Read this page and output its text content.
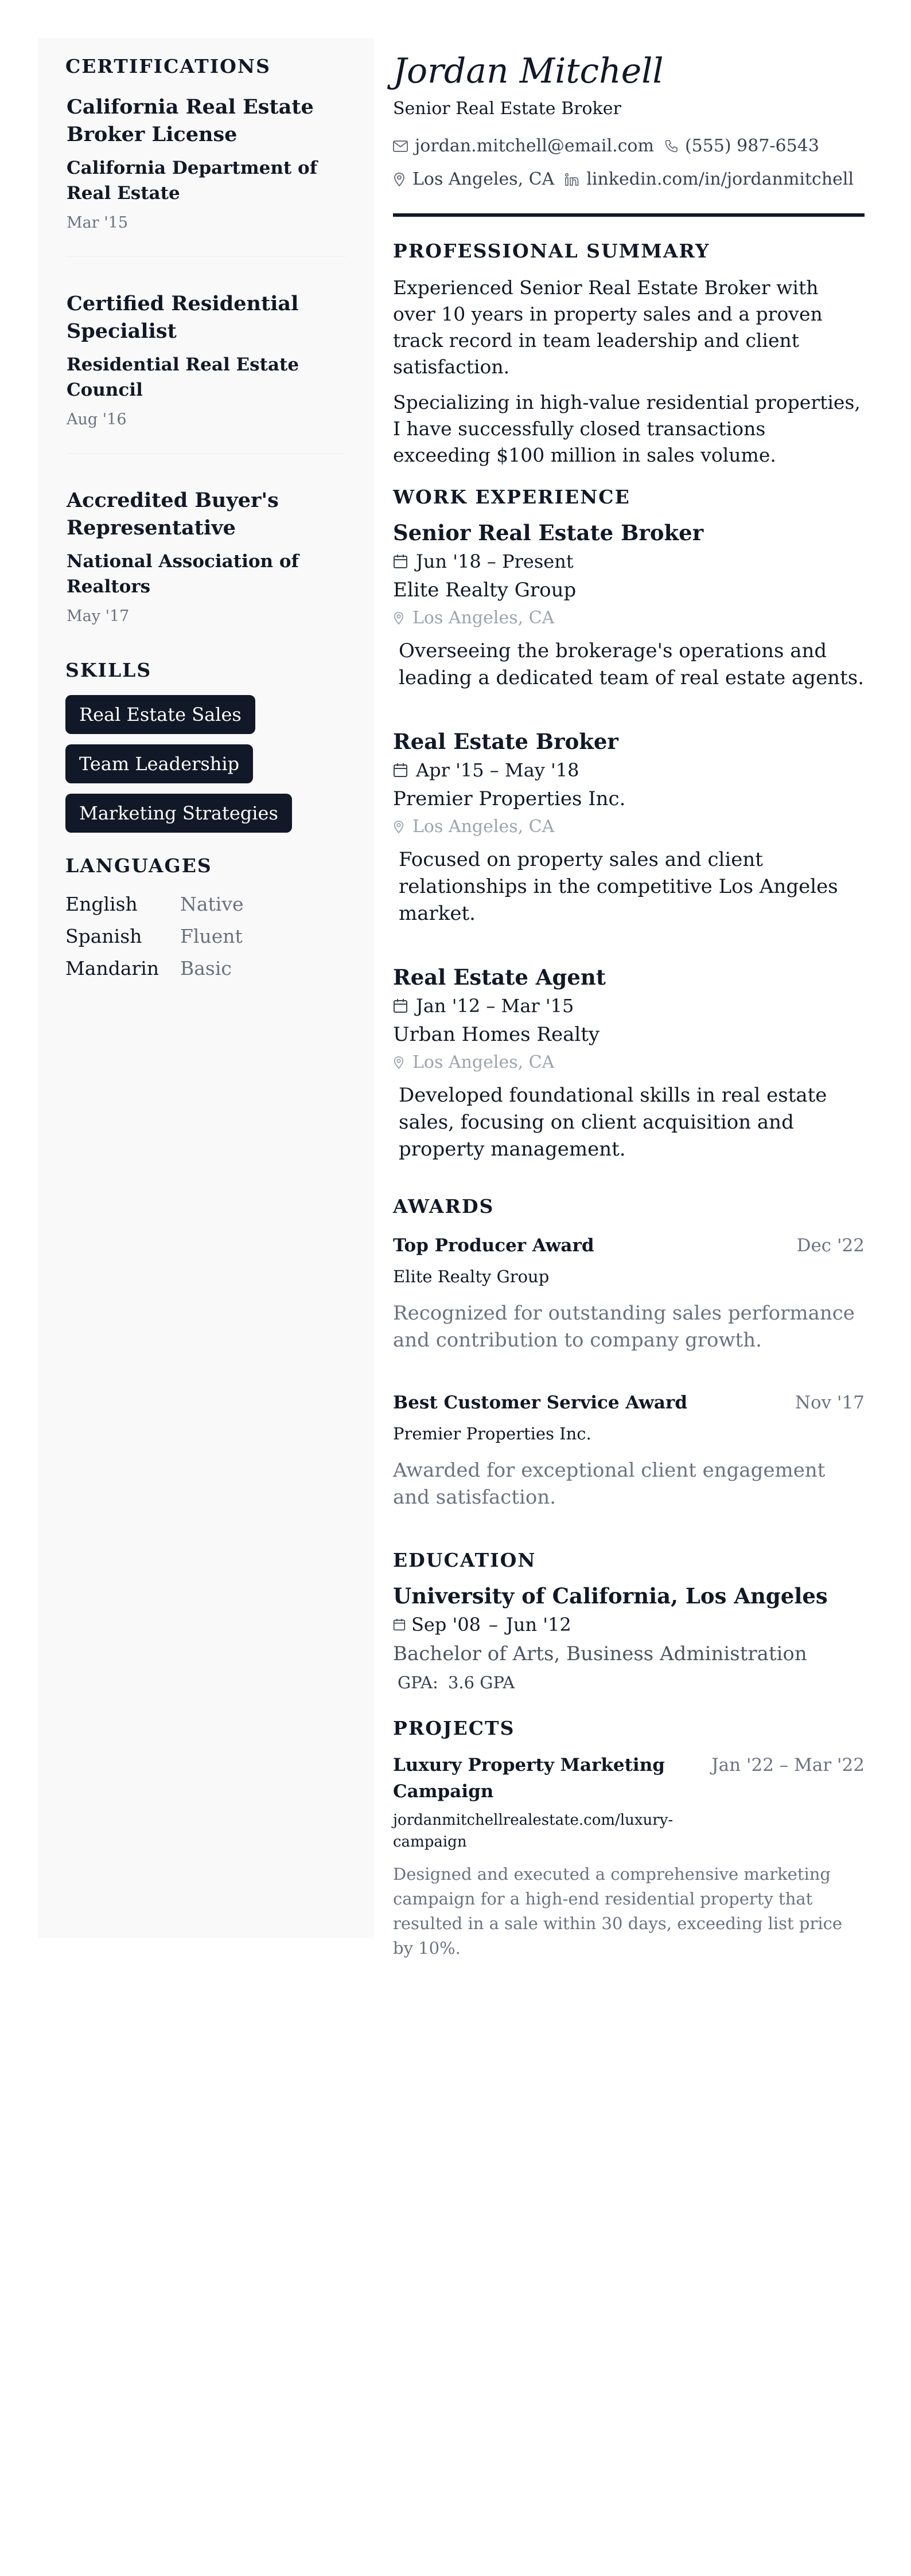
CERTIFICATIONS
California Real Estate Broker License
California Department of Real Estate
Mar '15
Certified Residential Specialist
Residential Real Estate Council
Aug '16
Accredited Buyer's Representative
National Association of Realtors
May '17
SKILLS
Real Estate Sales
Team Leadership
Marketing Strategies
LANGUAGES
English	Native
Spanish	Fluent
Mandarin	Basic
Jordan Mitchell
Senior Real Estate Broker
jordan.mitchell@email.com (555) 987-6543
Los Angeles, CA linkedin.com/in/jordanmitchell
PROFESSIONAL SUMMARY

Experienced Senior Real Estate Broker with over 10 years in property sales and a proven track record in team leadership and client satisfaction.

Specializing in high-value residential properties, I have successfully closed transactions exceeding $100 million in sales volume.

WORK EXPERIENCE
Senior Real Estate Broker
Jun '18 – Present
Elite Realty Group
Los Angeles, CA
Overseeing the brokerage's operations and leading a dedicated team of real estate agents.
Real Estate Broker
Apr '15 – May '18
Premier Properties Inc.
Los Angeles, CA
Focused on property sales and client relationships in the competitive Los Angeles market.
Real Estate Agent
Jan '12 – Mar '15
Urban Homes Realty
Los Angeles, CA
Developed foundational skills in real estate sales, focusing on client acquisition and property management.
AWARDS
Top Producer Award	Dec '22
Elite Realty Group
Recognized for outstanding sales performance and contribution to company growth.
Best Customer Service Award	Nov '17
Premier Properties Inc.
Awarded for exceptional client engagement and satisfaction.
EDUCATION
University of California, Los Angeles
Sep '08 – Jun '12
Bachelor of Arts, Business Administration
GPA: 3.6 GPA
PROJECTS
Luxury Property Marketing Campaign
Jan '22 – Mar '22
jordanmitchellrealestate.com/luxury-campaign
Designed and executed a comprehensive marketing campaign for a high-end residential property that resulted in a sale within 30 days, exceeding list price by 10%.
